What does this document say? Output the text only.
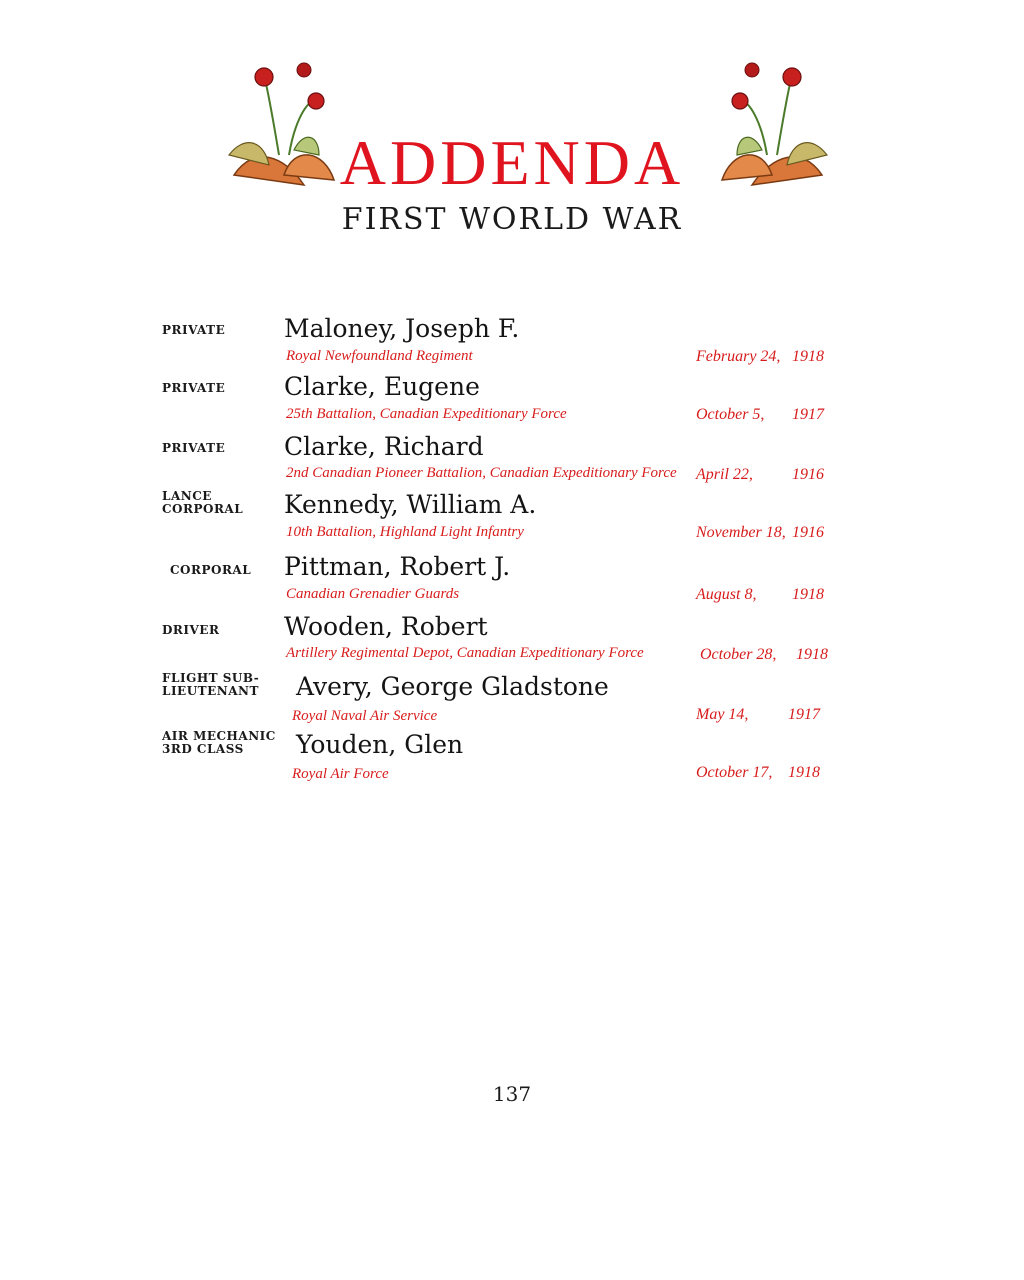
ADDENDA
FIRST WORLD WAR
PRIVATE	Maloney, Joseph F.
Royal Newfoundland Regiment	February 24, 1918
PRIVATE	Clarke, Eugene
25th Battalion, Canadian Expeditionary Force	October 5, 1917
PRIVATE	Clarke, Richard
2nd Canadian Pioneer Battalion, Canadian Expeditionary Force	April 22, 1916
LANCE CORPORAL	Kennedy, William A.
10th Battalion, Highland Light Infantry	November 18, 1916
CORPORAL	Pittman, Robert J.
Canadian Grenadier Guards	August 8, 1918
DRIVER	Wooden, Robert
Artillery Regimental Depot, Canadian Expeditionary Force	October 28, 1918
FLIGHT SUB-LIEUTENANT	Avery, George Gladstone
Royal Naval Air Service	May 14, 1917
AIR MECHANIC 3RD CLASS	Youden, Glen
Royal Air Force	October 17, 1918
137
